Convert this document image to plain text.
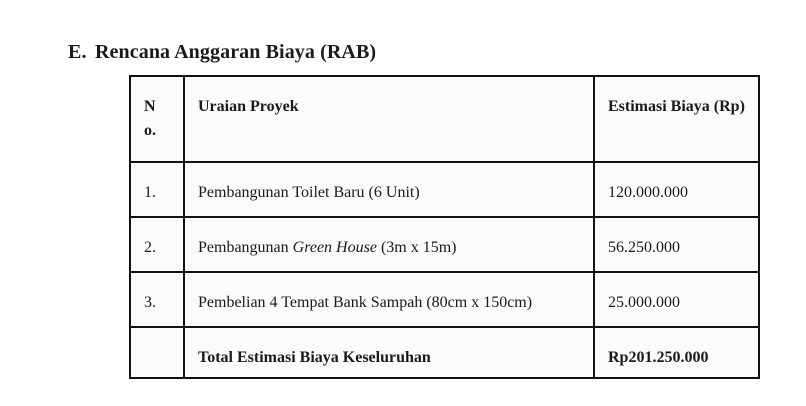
E. Rencana Anggaran Biaya (RAB)
No.	Uraian Proyek	Estimasi Biaya (Rp)

1.	Pembangunan Toilet Baru (6 Unit)	120.000.000

2.	Pembangunan Green House (3m x 15m)	56.250.000

3.	Pembelian 4 Tempat Bank Sampah (80cm x 150cm)	25.000.000

	Total Estimasi Biaya Keseluruhan	Rp201.250.000
